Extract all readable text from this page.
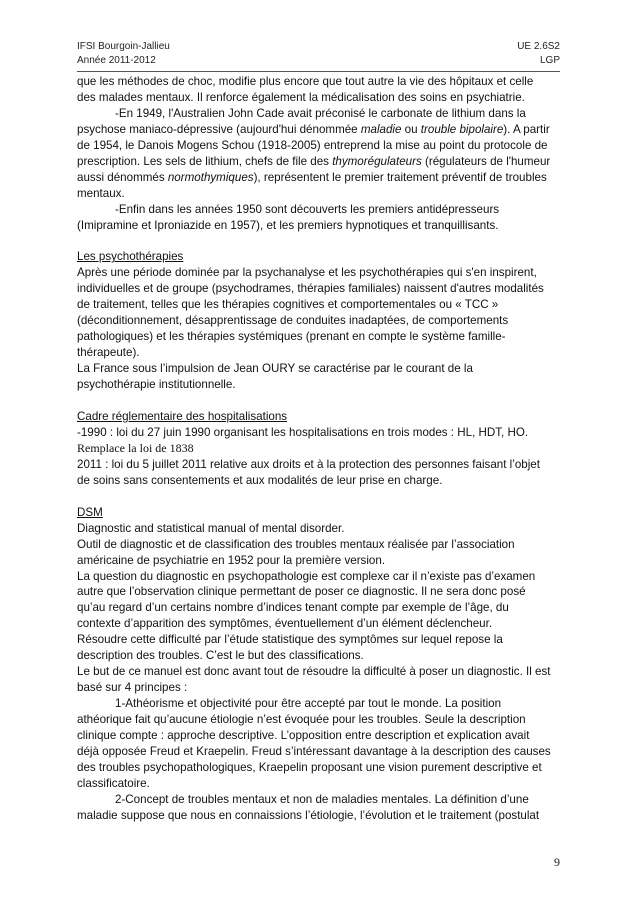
IFSI Bourgoin-Jallieu	UE 2.6S2
Année 2011-2012	LGP

que les méthodes de choc, modifie plus encore que tout autre la vie des hôpitaux et celle des malades mentaux. Il renforce également la médicalisation des soins en psychiatrie.

-En 1949, l'Australien John Cade avait préconisé le carbonate de lithium dans la psychose maniaco-dépressive (aujourd'hui dénommée maladie ou trouble bipolaire). A partir de 1954, le Danois Mogens Schou (1918-2005) entreprend la mise au point du protocole de prescription. Les sels de lithium, chefs de file des thymorégulateurs (régulateurs de l'humeur aussi dénommés normothymiques), représentent le premier traitement préventif de troubles mentaux.

-Enfin dans les années 1950 sont découverts les premiers antidépresseurs (Imipramine et Iproniazide en 1957), et les premiers hypnotiques et tranquillisants.

Les psychothérapies

Après une période dominée par la psychanalyse et les psychothérapies qui s'en inspirent, individuelles et de groupe (psychodrames, thérapies familiales) naissent d'autres modalités de traitement, telles que les thérapies cognitives et comportementales ou « TCC » (déconditionnement, désapprentissage de conduites inadaptées, de comportements pathologiques) et les thérapies systémiques (prenant en compte le système famille-thérapeute).

La France sous l’impulsion de Jean OURY se caractérise par le courant de la psychothérapie institutionnelle.

Cadre réglementaire des hospitalisations

-1990 : loi du 27 juin 1990 organisant les hospitalisations en trois modes : HL, HDT, HO.

Remplace la loi de 1838

2011 : loi du 5 juillet 2011 relative aux droits et à la protection des personnes faisant l’objet de soins sans consentements et aux modalités de leur prise en charge.

DSM

Diagnostic and statistical manual of mental disorder.

Outil de diagnostic et de classification des troubles mentaux réalisée par l’association américaine de psychiatrie en 1952 pour la première version.

La question du diagnostic en psychopathologie est complexe car il n’existe pas d’examen autre que l’observation clinique permettant de poser ce diagnostic. Il ne sera donc posé qu’au regard d’un certains nombre d’indices tenant compte par exemple de l’âge, du contexte d’apparition des symptômes, éventuellement d’un élément déclencheur.

Résoudre cette difficulté par l’étude statistique des symptômes sur lequel repose la description des troubles. C’est le but des classifications.

Le but de ce manuel est donc avant tout de résoudre la difficulté à poser un diagnostic. Il est basé sur 4 principes :

1-Athéorisme et objectivité pour être accepté par tout le monde. La position athéorique fait qu’aucune étiologie n’est évoquée pour les troubles. Seule la description clinique compte : approche descriptive. L’opposition entre description et explication avait déjà opposée Freud et Kraepelin. Freud s’intéressant davantage à la description des causes des troubles psychopathologiques, Kraepelin proposant une vision purement descriptive et classificatoire.

2-Concept de troubles mentaux et non de maladies mentales. La définition d’une maladie suppose que nous en connaissions l’étiologie, l’évolution et le traitement (postulat

9
